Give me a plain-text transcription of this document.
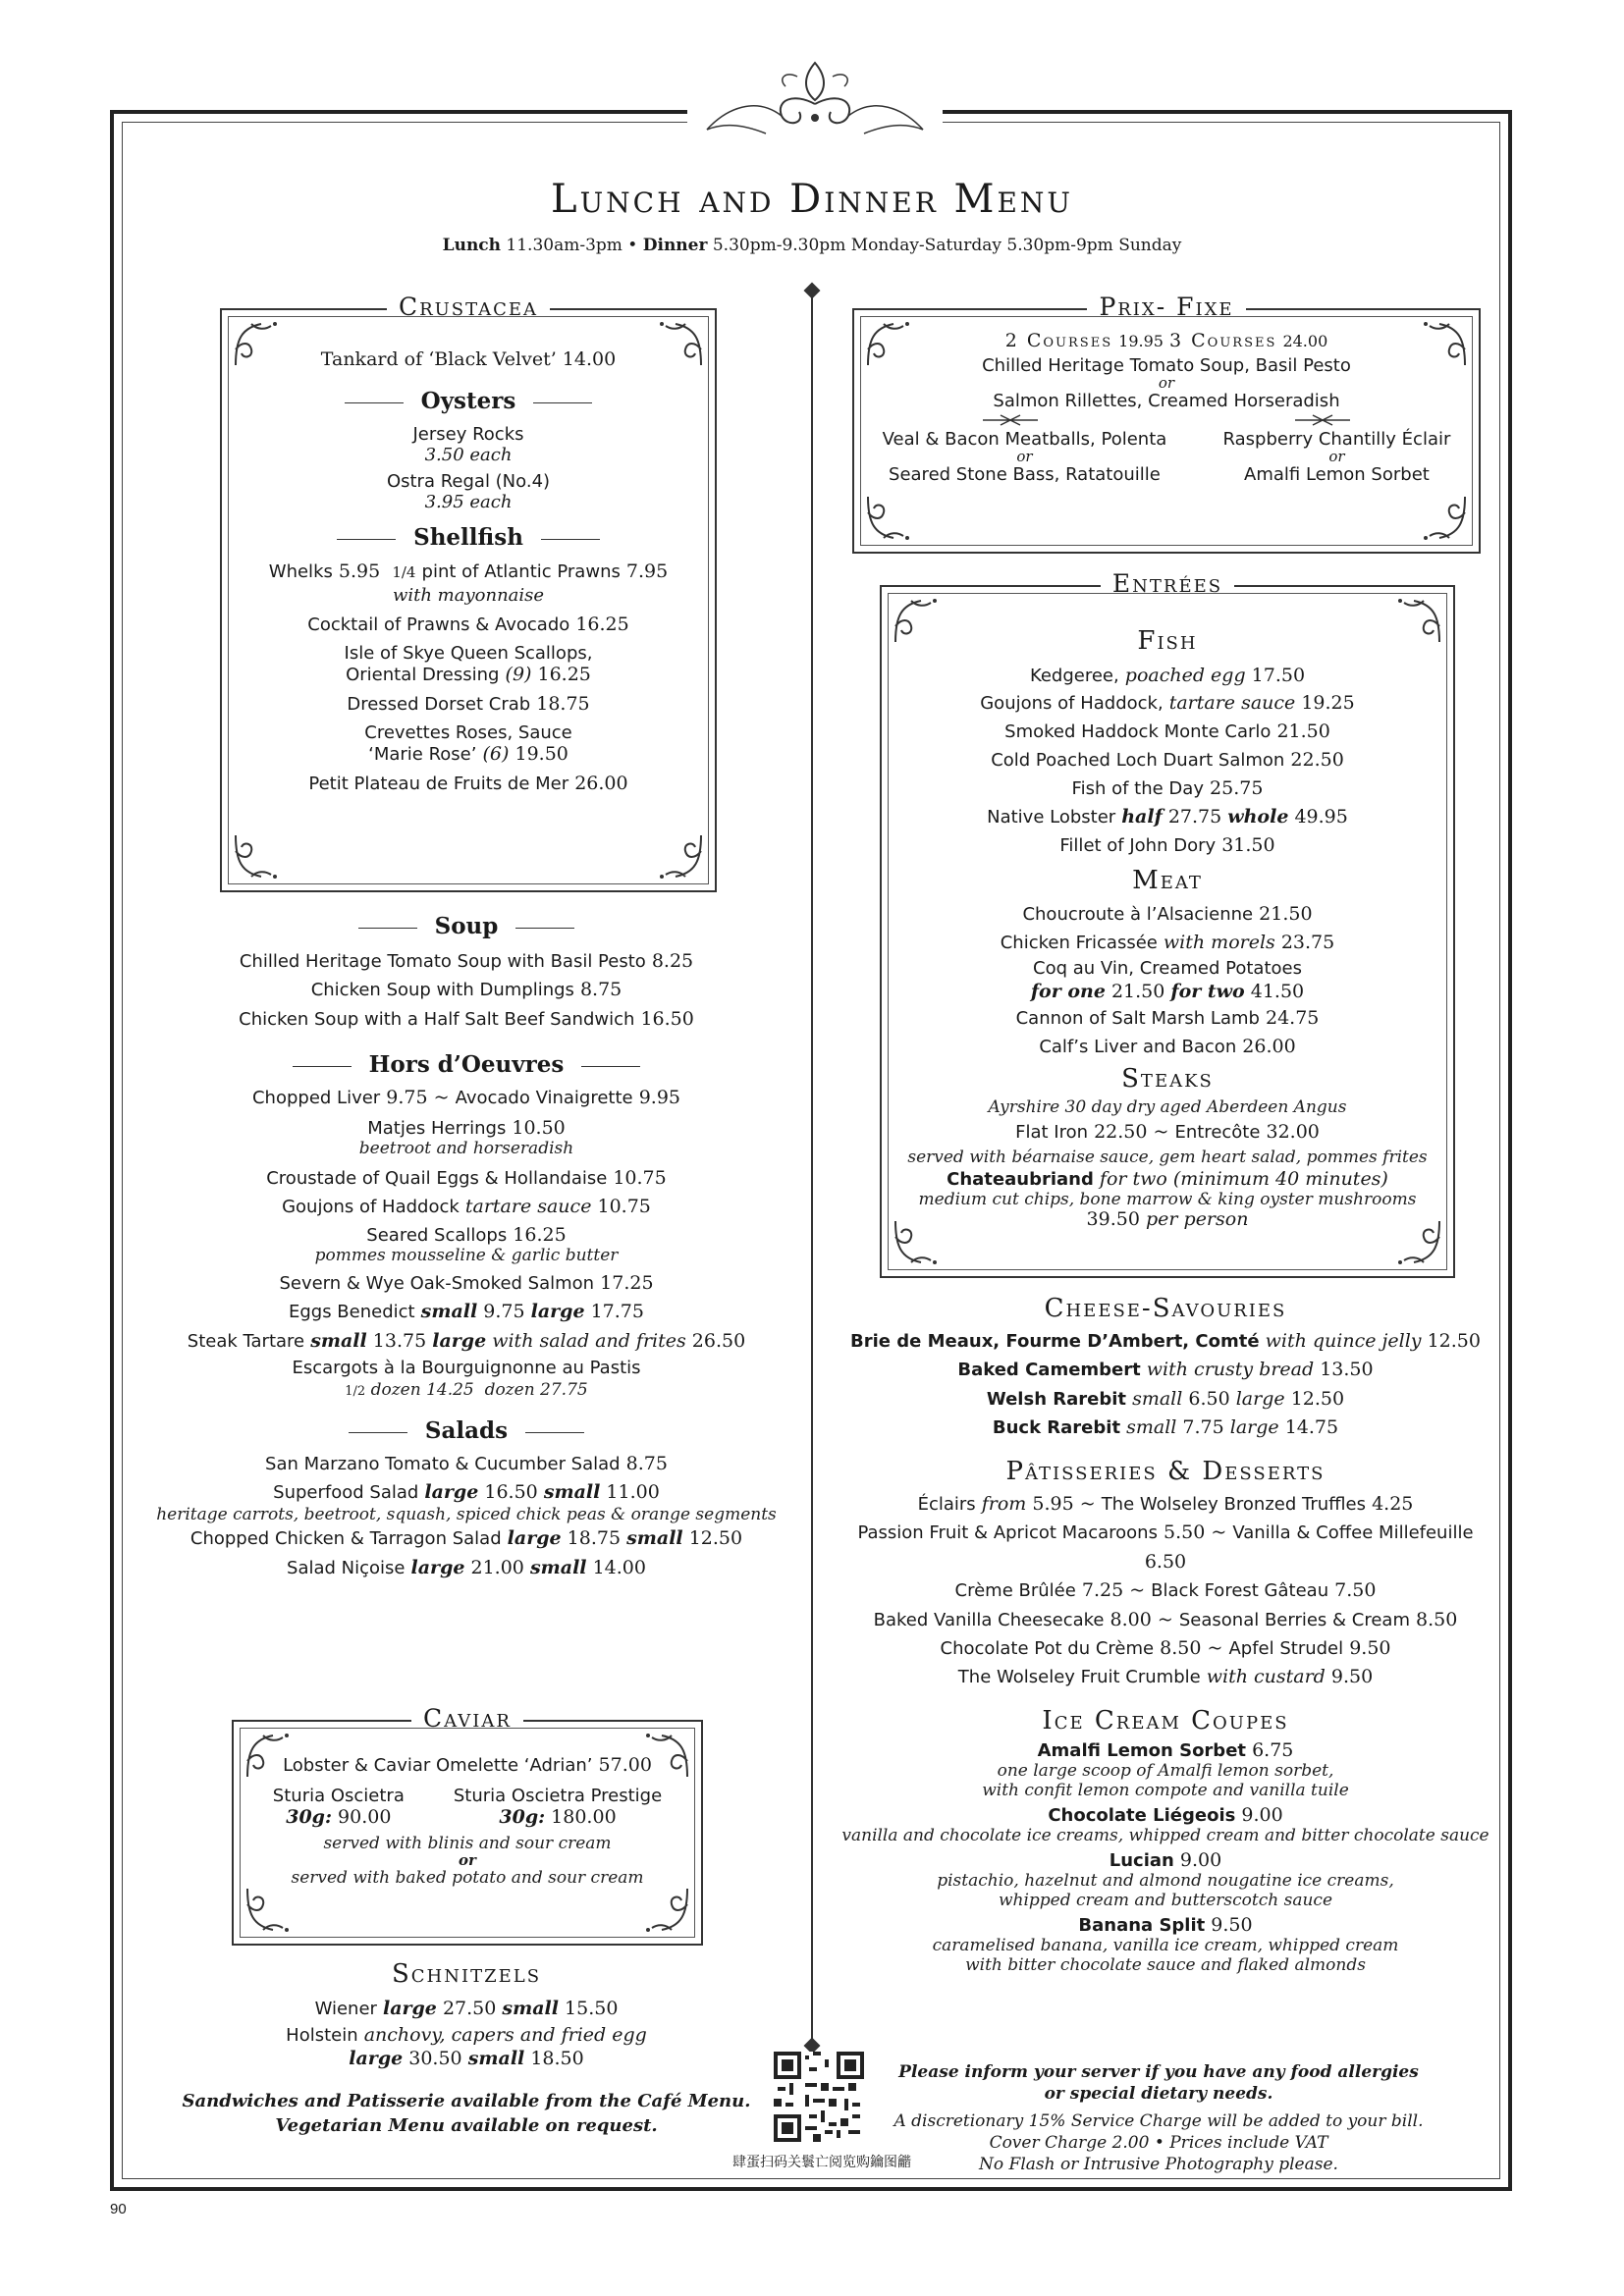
Lunch and Dinner Menu
Lunch 11.30am-3pm • Dinner 5.30pm-9.30pm Monday-Saturday 5.30pm-9pm Sunday
Crustacea
Tankard of ‘Black Velvet’ 14.00
Oysters
Jersey Rocks
3.50 each
Ostra Regal (No.4)
3.95 each
Shellfish
Whelks 5.95 1/4 pint of Atlantic Prawns 7.95
with mayonnaise
Cocktail of Prawns & Avocado 16.25
Isle of Skye Queen Scallops,
Oriental Dressing (9) 16.25
Dressed Dorset Crab 18.75
Crevettes Roses, Sauce
‘Marie Rose’ (6) 19.50
Petit Plateau de Fruits de Mer 26.00
Soup
Chilled Heritage Tomato Soup with Basil Pesto 8.25
Chicken Soup with Dumplings 8.75
Chicken Soup with a Half Salt Beef Sandwich 16.50
Hors d’Oeuvres
Chopped Liver 9.75 ~ Avocado Vinaigrette 9.95
Matjes Herrings 10.50
beetroot and horseradish
Croustade of Quail Eggs & Hollandaise 10.75
Goujons of Haddock tartare sauce 10.75
Seared Scallops 16.25
pommes mousseline & garlic butter
Severn & Wye Oak-Smoked Salmon 17.25
Eggs Benedict small 9.75 large 17.75
Steak Tartare small 13.75 large with salad and frites 26.50
Escargots à la Bourguignonne au Pastis
1/2 dozen 14.25 dozen 27.75
Salads
San Marzano Tomato & Cucumber Salad 8.75
Superfood Salad large 16.50 small 11.00
heritage carrots, beetroot, squash, spiced chick peas & orange segments
Chopped Chicken & Tarragon Salad large 18.75 small 12.50
Salad Niçoise large 21.00 small 14.00
Caviar
Lobster & Caviar Omelette ‘Adrian’ 57.00
Sturia Oscietra
30g: 90.00
Sturia Oscietra Prestige
30g: 180.00
served with blinis and sour cream
or
served with baked potato and sour cream
Schnitzels
Wiener large 27.50 small 15.50
Holstein anchovy, capers and fried egg
large 30.50 small 18.50
Sandwiches and Patisserie available from the Café Menu.
Vegetarian Menu available on request.
Prix- Fixe
2 Courses 19.95 3 Courses 24.00
Chilled Heritage Tomato Soup, Basil Pesto
or
Salmon Rillettes, Creamed Horseradish
Veal & Bacon Meatballs, Polenta
or
Seared Stone Bass, Ratatouille
Raspberry Chantilly Éclair
or
Amalfi Lemon Sorbet
Entrées
Fish
Kedgeree, poached egg 17.50
Goujons of Haddock, tartare sauce 19.25
Smoked Haddock Monte Carlo 21.50
Cold Poached Loch Duart Salmon 22.50
Fish of the Day 25.75
Native Lobster half 27.75 whole 49.95
Fillet of John Dory 31.50
Meat
Choucroute à l’Alsacienne 21.50
Chicken Fricassée with morels 23.75
Coq au Vin, Creamed Potatoes
for one 21.50 for two 41.50
Cannon of Salt Marsh Lamb 24.75
Calf’s Liver and Bacon 26.00
Steaks
Ayrshire 30 day dry aged Aberdeen Angus
Flat Iron 22.50 ~ Entrecôte 32.00
served with béarnaise sauce, gem heart salad, pommes frites
Chateaubriand for two (minimum 40 minutes)
medium cut chips, bone marrow & king oyster mushrooms
39.50 per person
Cheese-Savouries
Brie de Meaux, Fourme D’Ambert, Comté with quince jelly 12.50
Baked Camembert with crusty bread 13.50
Welsh Rarebit small 6.50 large 12.50
Buck Rarebit small 7.75 large 14.75
Pâtisseries & Desserts
Éclairs from 5.95 ~ The Wolseley Bronzed Truffles 4.25
Passion Fruit & Apricot Macaroons 5.50 ~ Vanilla & Coffee Millefeuille 6.50
Crème Brûlée 7.25 ~ Black Forest Gâteau 7.50
Baked Vanilla Cheesecake 8.00 ~ Seasonal Berries & Cream 8.50
Chocolate Pot du Crème 8.50 ~ Apfel Strudel 9.50
The Wolseley Fruit Crumble with custard 9.50
Ice Cream Coupes
Amalfi Lemon Sorbet 6.75
one large scoop of Amalfi lemon sorbet,
with confit lemon compote and vanilla tuile
Chocolate Liégeois 9.00
vanilla and chocolate ice creams, whipped cream and bitter chocolate sauce
Lucian 9.00
pistachio, hazelnut and almond nougatine ice creams,
whipped cream and butterscotch sauce
Banana Split 9.50
caramelised banana, vanilla ice cream, whipped cream
with bitter chocolate sauce and flaked almonds
Please inform your server if you have any food allergies
or special dietary needs.
A discretionary 15% Service Charge will be added to your bill.
Cover Charge 2.00 • Prices include VAT
No Flash or Intrusive Photography please.
肆蛋扫码关鬟亡阅览购鑰图龤
90
